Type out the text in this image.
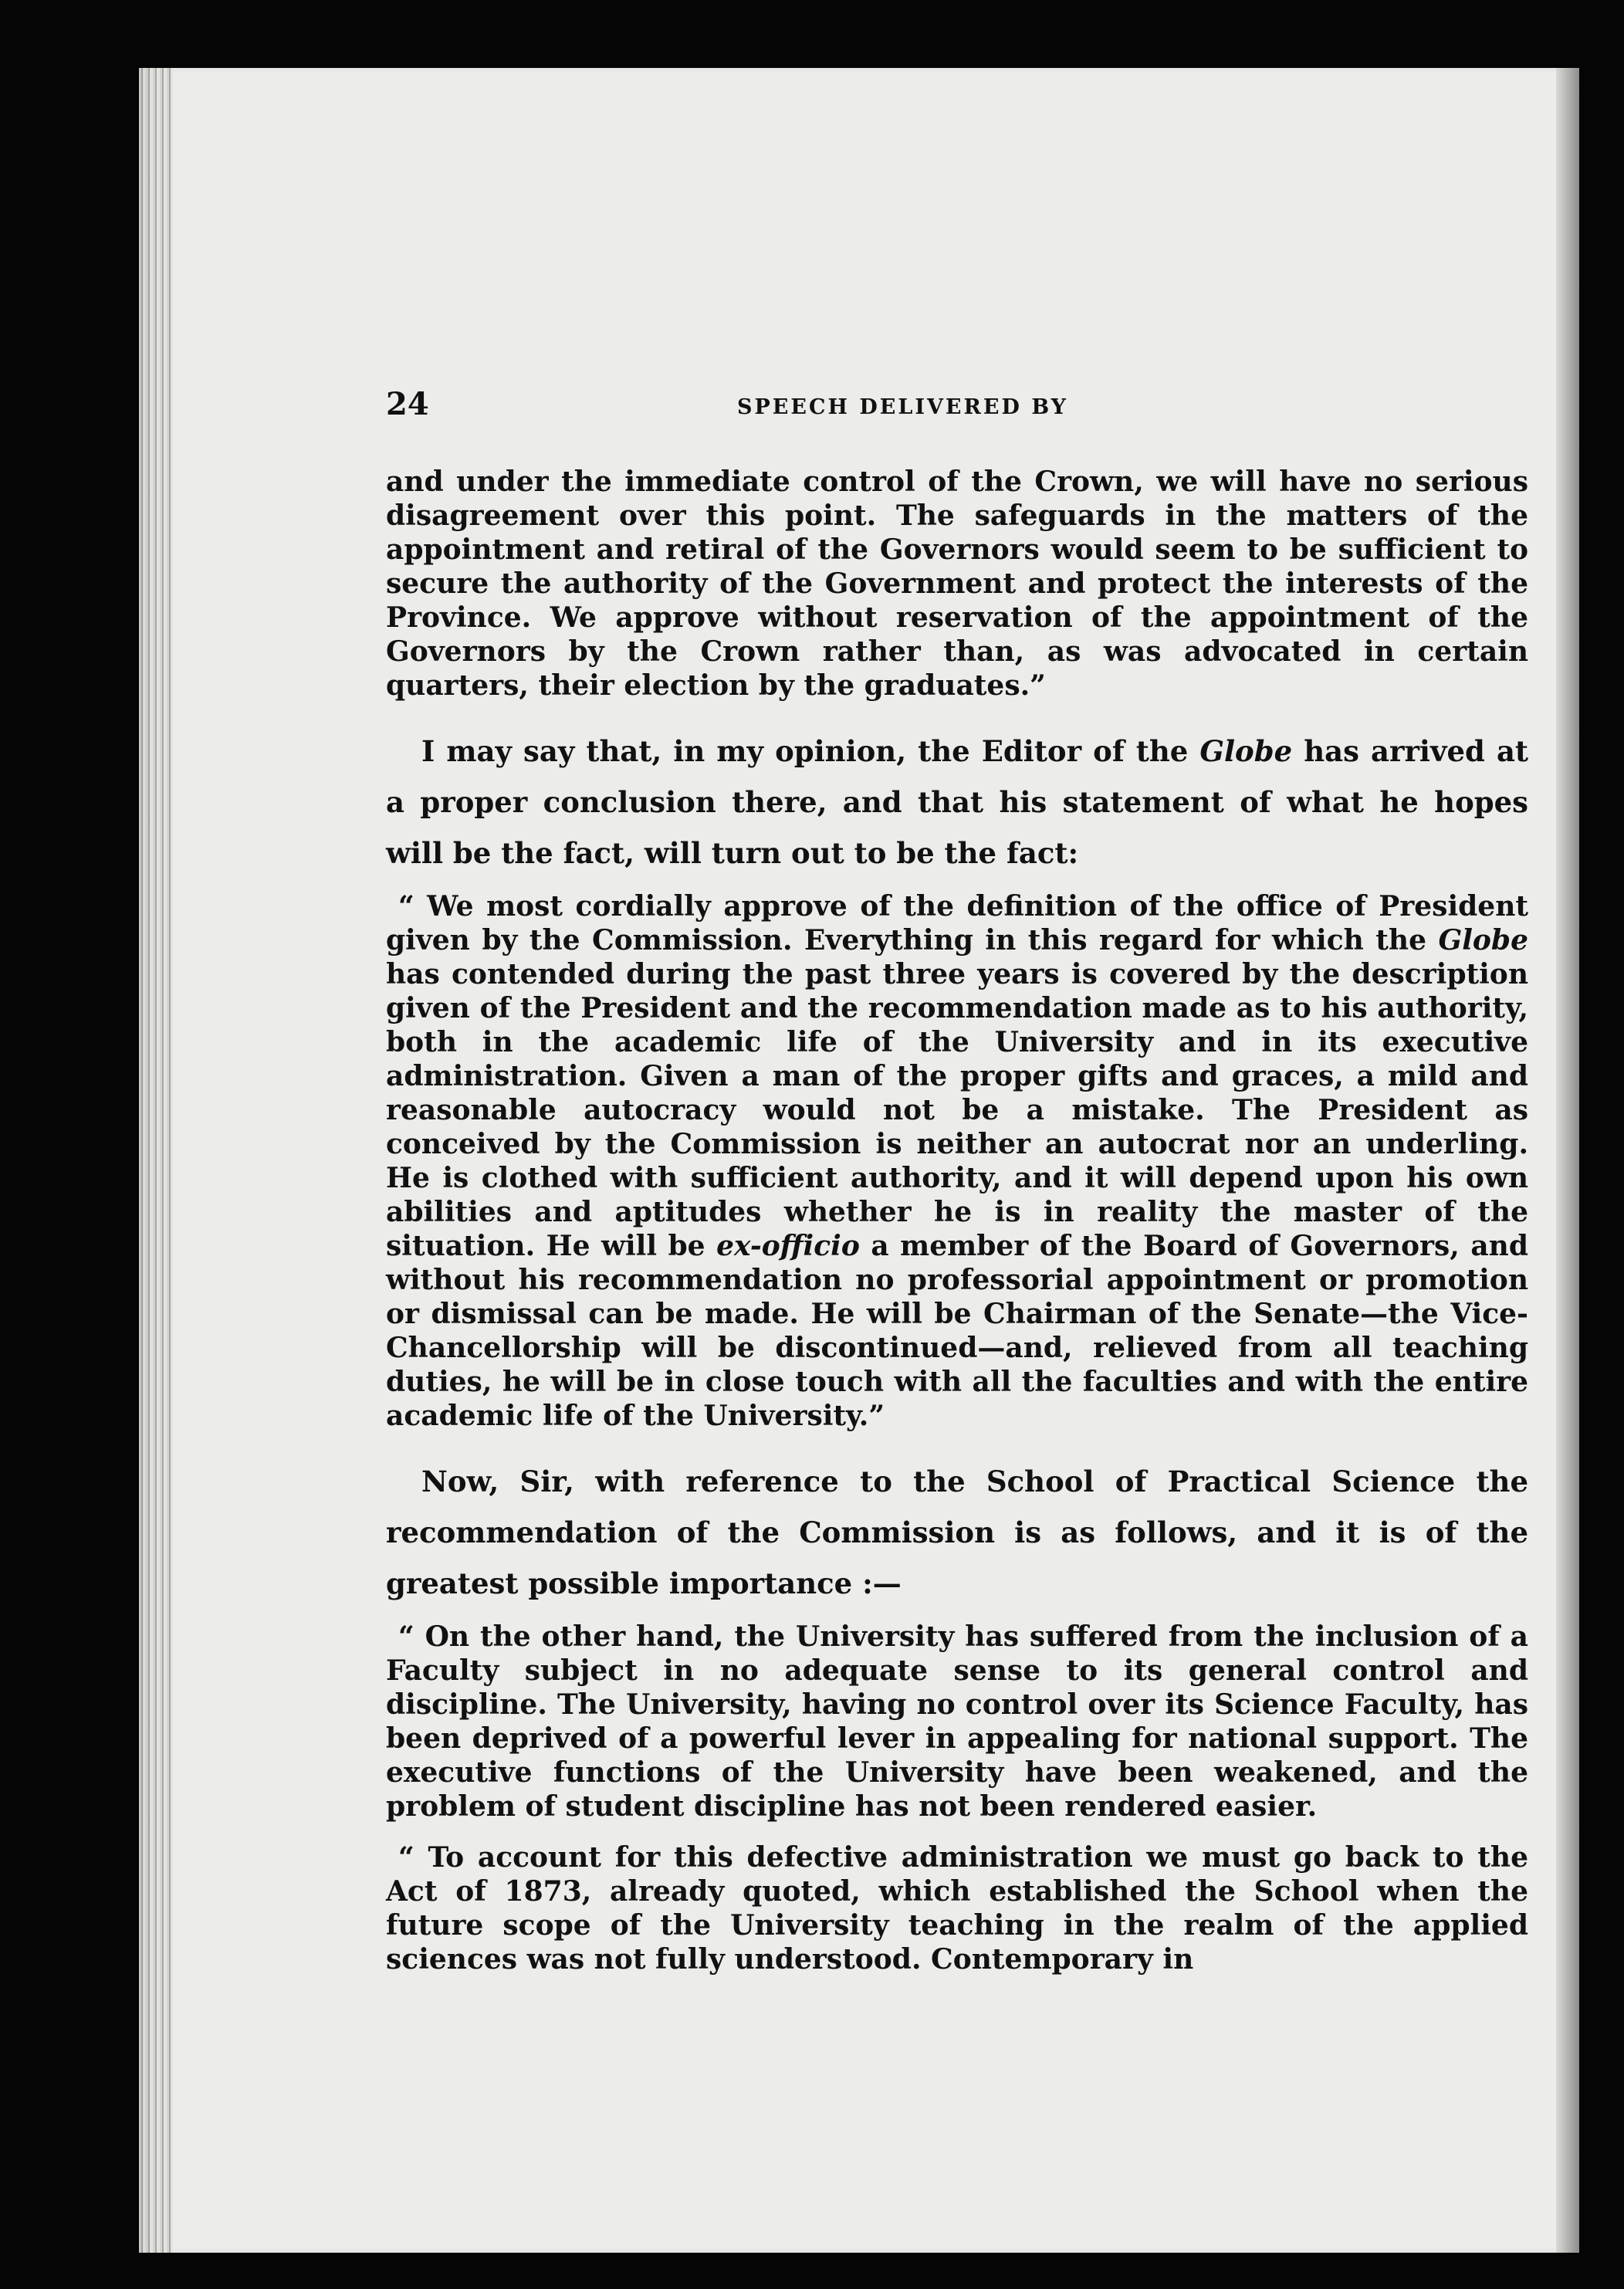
24	SPEECH DELIVERED BY

and under the immediate control of the Crown, we will have no serious disagreement over this point. The safeguards in the matters of the appointment and retiral of the Governors would seem to be sufficient to secure the authority of the Government and protect the interests of the Province. We approve without reservation of the appointment of the Governors by the Crown rather than, as was advocated in certain quarters, their election by the graduates.”

I may say that, in my opinion, the Editor of the Globe has arrived at a proper conclusion there, and that his statement of what he hopes will be the fact, will turn out to be the fact:

“ We most cordially approve of the definition of the office of President given by the Commission. Everything in this regard for which the Globe has contended during the past three years is covered by the description given of the President and the recommendation made as to his authority, both in the academic life of the University and in its executive administration. Given a man of the proper gifts and graces, a mild and reasonable autocracy would not be a mistake. The President as conceived by the Commission is neither an autocrat nor an underling. He is clothed with sufficient authority, and it will depend upon his own abilities and aptitudes whether he is in reality the master of the situation. He will be ex-officio a member of the Board of Governors, and without his recommendation no professorial appointment or promotion or dismissal can be made. He will be Chairman of the Senate—the Vice-Chancellorship will be discontinued—and, relieved from all teaching duties, he will be in close touch with all the faculties and with the entire academic life of the University.”

Now, Sir, with reference to the School of Practical Science the recommendation of the Commission is as follows, and it is of the greatest possible importance :—

“ On the other hand, the University has suffered from the inclusion of a Faculty subject in no adequate sense to its general control and discipline. The University, having no control over its Science Faculty, has been deprived of a powerful lever in appealing for national support. The executive functions of the University have been weakened, and the problem of student discipline has not been rendered easier.

“ To account for this defective administration we must go back to the Act of 1873, already quoted, which established the School when the future scope of the University teaching in the realm of the applied sciences was not fully understood. Contemporary in
